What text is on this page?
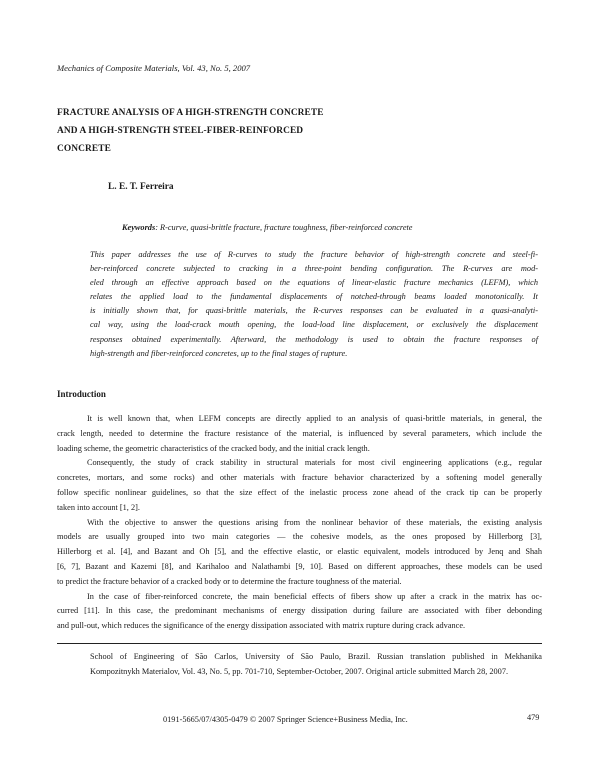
Mechanics of Composite Materials, Vol. 43, No. 5, 2007
FRACTURE ANALYSIS OF A HIGH-STRENGTH CONCRETE
AND A HIGH-STRENGTH STEEL-FIBER-REINFORCED
CONCRETE
L. E. T. Ferreira
Keywords: R-curve, quasi-brittle fracture, fracture toughness, fiber-reinforced concrete
This paper addresses the use of R-curves to study the fracture behavior of high-strength concrete and steel-fi-
ber-reinforced concrete subjected to cracking in a three-point bending configuration. The R-curves are mod-
eled through an effective approach based on the equations of linear-elastic fracture mechanics (LEFM), which
relates the applied load to the fundamental displacements of notched-through beams loaded monotonically. It
is initially shown that, for quasi-brittle materials, the R-curves responses can be evaluated in a quasi-analyti-
cal way, using the load-crack mouth opening, the load-load line displacement, or exclusively the displacement
responses obtained experimentally. Afterward, the methodology is used to obtain the fracture responses of
high-strength and fiber-reinforced concretes, up to the final stages of rupture.
Introduction
It is well known that, when LEFM concepts are directly applied to an analysis of quasi-brittle materials, in general, the
crack length, needed to determine the fracture resistance of the material, is influenced by several parameters, which include the
loading scheme, the geometric characteristics of the cracked body, and the initial crack length.
Consequently, the study of crack stability in structural materials for most civil engineering applications (e.g., regular
concretes, mortars, and some rocks) and other materials with fracture behavior characterized by a softening model generally
follow specific nonlinear guidelines, so that the size effect of the inelastic process zone ahead of the crack tip can be properly
taken into account [1, 2].
With the objective to answer the questions arising from the nonlinear behavior of these materials, the existing analysis
models are usually grouped into two main categories — the cohesive models, as the ones proposed by Hillerborg [3],
Hillerborg et al. [4], and Bazant and Oh [5], and the effective elastic, or elastic equivalent, models introduced by Jenq and Shah
[6, 7], Bazant and Kazemi [8], and Karihaloo and Nalathambi [9, 10]. Based on different approaches, these models can be used
to predict the fracture behavior of a cracked body or to determine the fracture toughness of the material.
In the case of fiber-reinforced concrete, the main beneficial effects of fibers show up after a crack in the matrix has oc-
curred [11]. In this case, the predominant mechanisms of energy dissipation during failure are associated with fiber debonding
and pull-out, which reduces the significance of the energy dissipation associated with matrix rupture during crack advance.
School of Engineering of São Carlos, University of São Paulo, Brazil. Russian translation published in Mekhanika
Kompozitnykh Materialov, Vol. 43, No. 5, pp. 701-710, September-October, 2007. Original article submitted March 28, 2007.
0191-5665/07/4305-0479 © 2007 Springer Science+Business Media, Inc.	479
